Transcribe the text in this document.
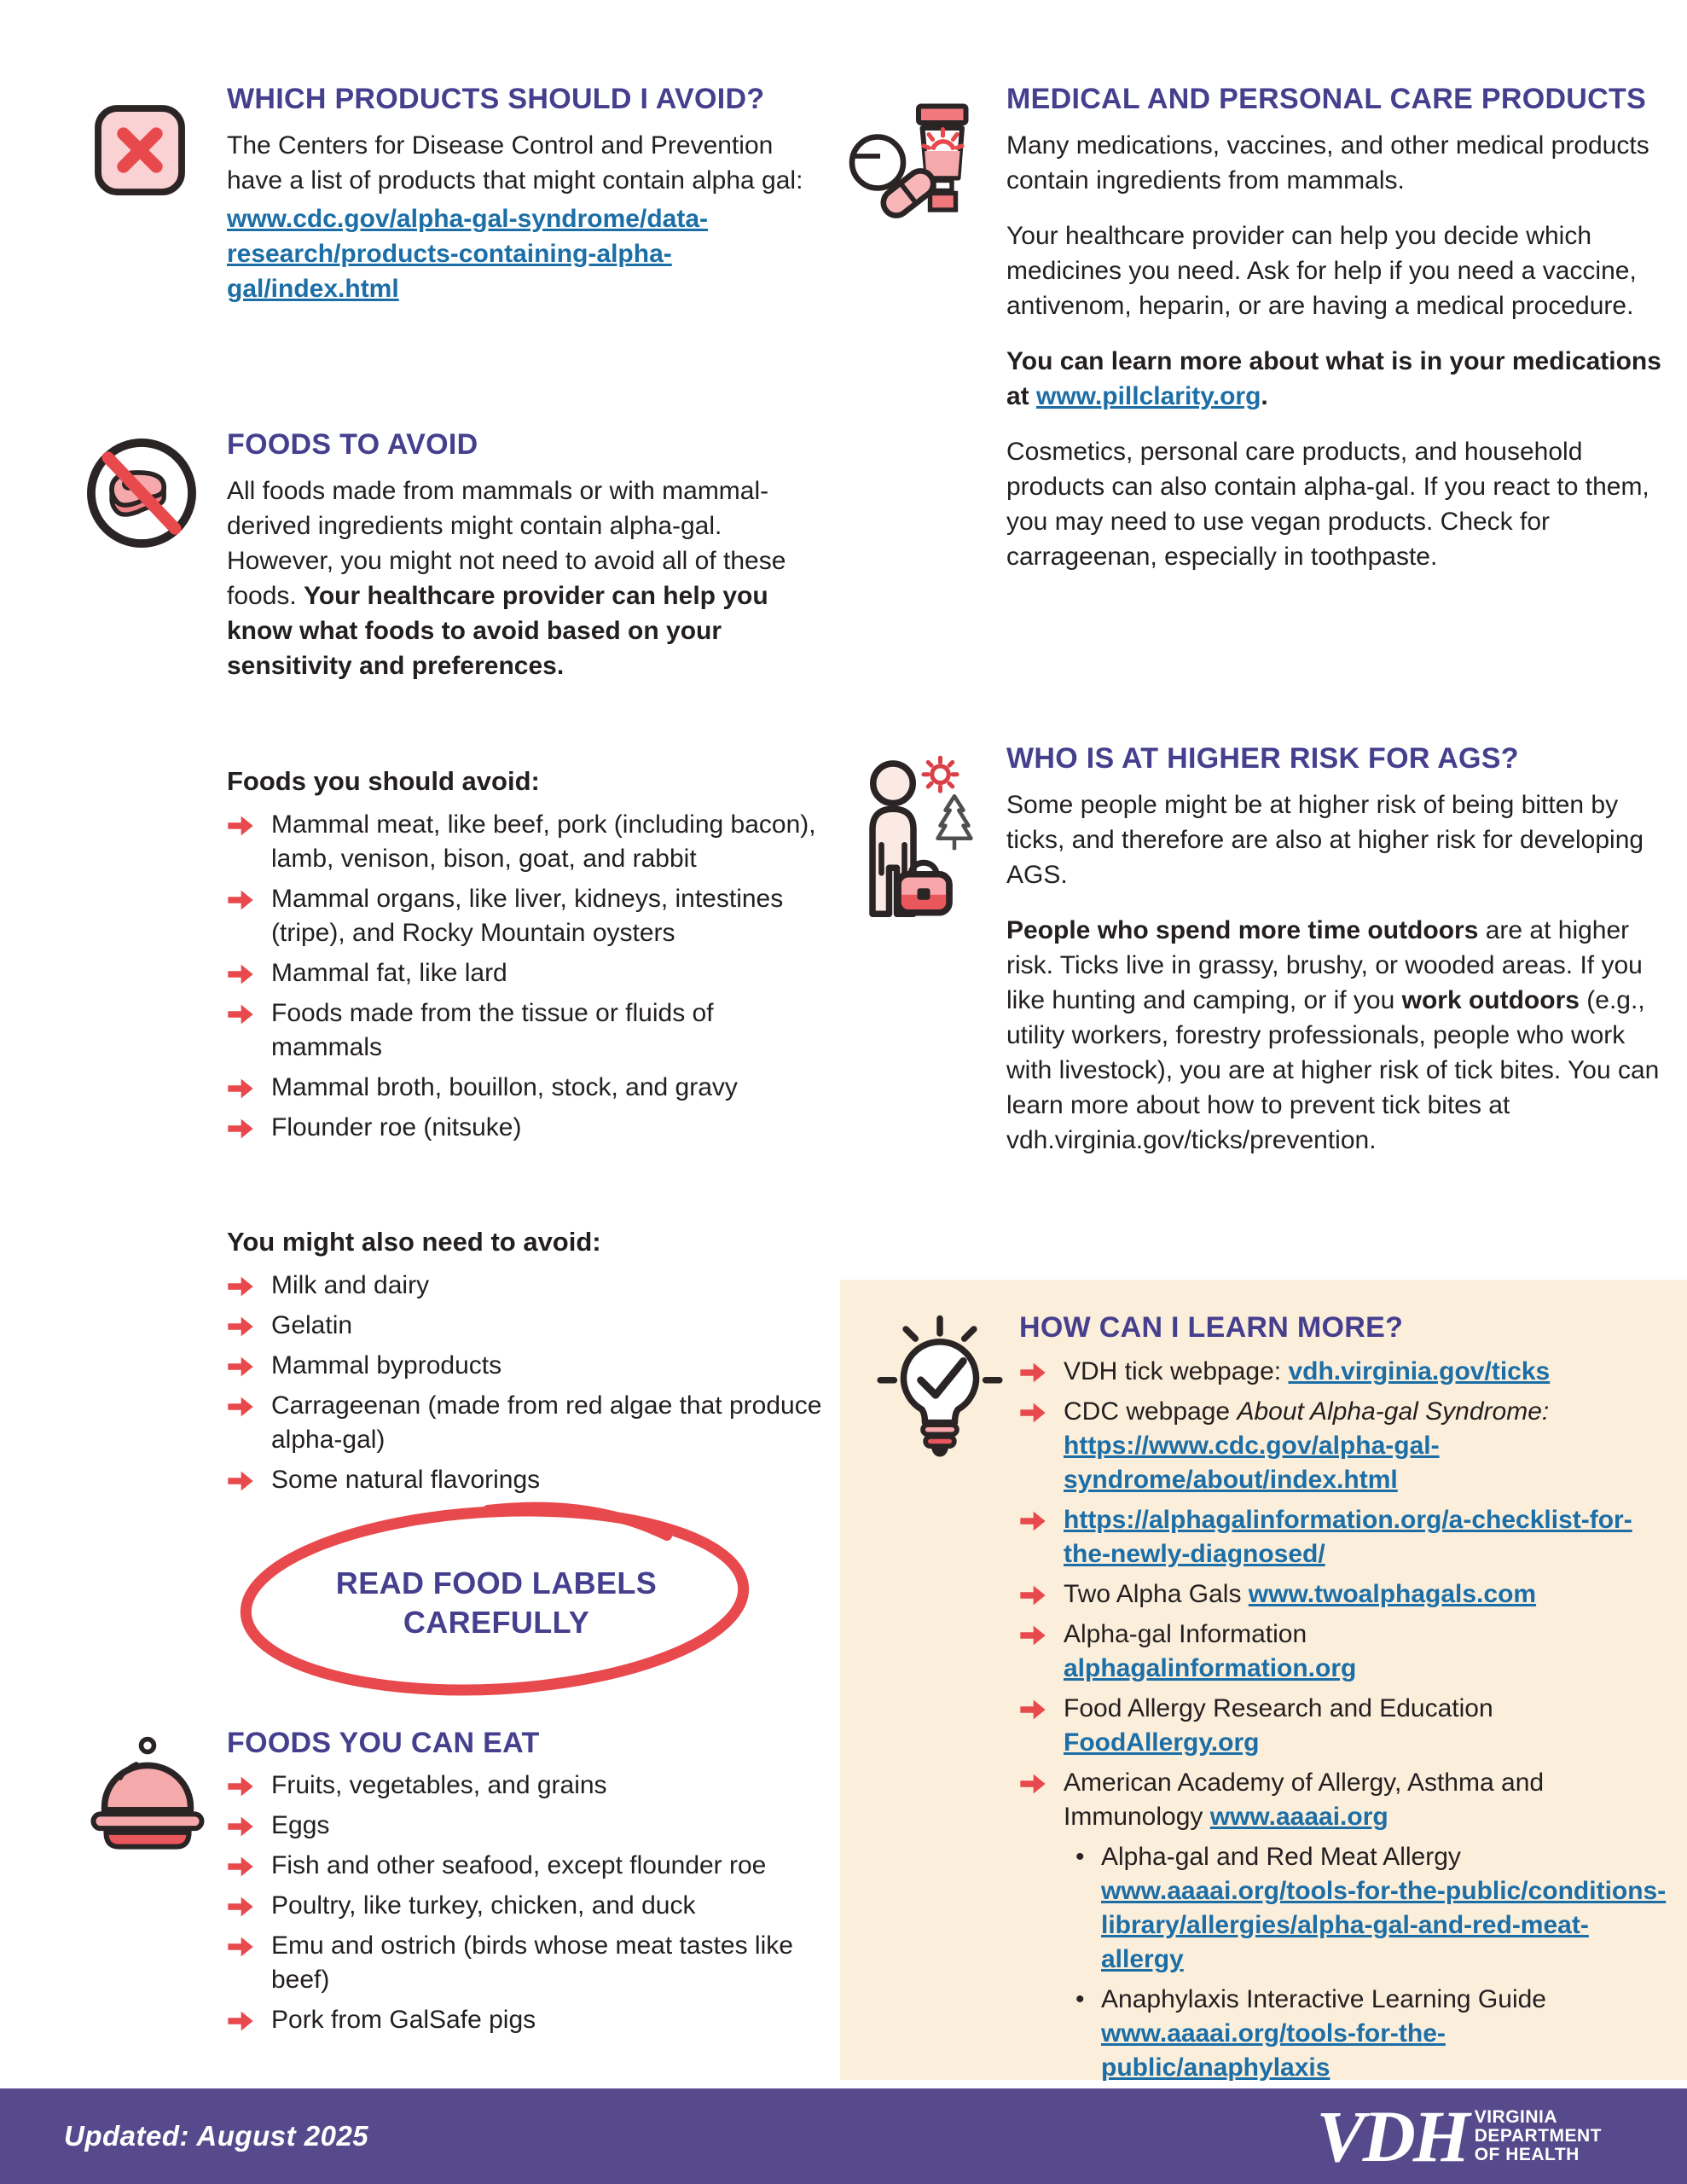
WHICH PRODUCTS SHOULD I AVOID?

The Centers for Disease Control and Prevention have a list of products that might contain alpha gal:

www.cdc.gov/alpha-gal-syndrome/data-research/products-containing-alpha-gal/index.html
FOODS TO AVOID

All foods made from mammals or with mammal-derived ingredients might contain alpha-gal. However, you might not need to avoid all of these foods. Your healthcare provider can help you know what foods to avoid based on your sensitivity and preferences.

Foods you should avoid:
Mammal meat, like beef, pork (including bacon), lamb, venison, bison, goat, and rabbit
Mammal organs, like liver, kidneys, intestines (tripe), and Rocky Mountain oysters
Mammal fat, like lard
Foods made from the tissue or fluids of mammals
Mammal broth, bouillon, stock, and gravy
Flounder roe (nitsuke)
You might also need to avoid:
Milk and dairy
Gelatin
Mammal byproducts
Carrageenan (made from red algae that produce alpha-gal)
Some natural flavorings
READ FOOD LABELS CAREFULLY
FOODS YOU CAN EAT
Fruits, vegetables, and grains
Eggs
Fish and other seafood, except flounder roe
Poultry, like turkey, chicken, and duck
Emu and ostrich (birds whose meat tastes like beef)
Pork from GalSafe pigs
MEDICAL AND PERSONAL CARE PRODUCTS

Many medications, vaccines, and other medical products contain ingredients from mammals.

Your healthcare provider can help you decide which medicines you need. Ask for help if you need a vaccine, antivenom, heparin, or are having a medical procedure.

You can learn more about what is in your medications at www.pillclarity.org.

Cosmetics, personal care products, and household products can also contain alpha-gal. If you react to them, you may need to use vegan products. Check for carrageenan, especially in toothpaste.

WHO IS AT HIGHER RISK FOR AGS?

Some people might be at higher risk of being bitten by ticks, and therefore are also at higher risk for developing AGS.

People who spend more time outdoors are at higher risk. Ticks live in grassy, brushy, or wooded areas. If you like hunting and camping, or if you work outdoors (e.g., utility workers, forestry professionals, people who work with livestock), you are at higher risk of tick bites. You can learn more about how to prevent tick bites at vdh.virginia.gov/ticks/prevention.

HOW CAN I LEARN MORE?
VDH tick webpage: vdh.virginia.gov/ticks
CDC webpage About Alpha-gal Syndrome:
https://www.cdc.gov/alpha-gal-syndrome/about/index.html
https://alphagalinformation.org/a-checklist-for-the-newly-diagnosed/
Two Alpha Gals www.twoalphagals.com
Alpha-gal Information
alphagalinformation.org
Food Allergy Research and Education
FoodAllergy.org
American Academy of Allergy, Asthma and Immunology www.aaaai.org
• Alpha-gal and Red Meat Allergy
www.aaaai.org/tools-for-the-public/conditions-library/allergies/alpha-gal-and-red-meat-allergy
• Anaphylaxis Interactive Learning Guide
www.aaaai.org/tools-for-the-public/anaphylaxis
Updated: August 2025	VDH VIRGINIA
DEPARTMENT
OF HEALTH
